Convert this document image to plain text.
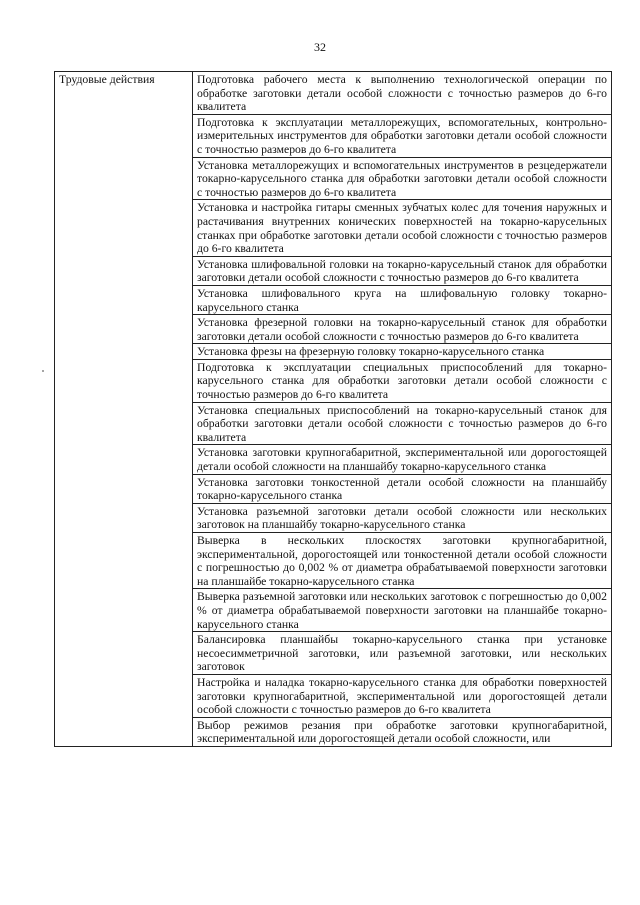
32
Трудовые действия	Подготовка рабочего места к выполнению технологической операции по обработке заготовки детали особой сложности с точностью размеров до 6-го квалитета
Подготовка к эксплуатации металлорежущих, вспомогательных, контрольно-измерительных инструментов для обработки заготовки детали особой сложности с точностью размеров до 6-го квалитета
Установка металлорежущих и вспомогательных инструментов в резцедержатели токарно-карусельного станка для обработки заготовки детали особой сложности с точностью размеров до 6-го квалитета
Установка и настройка гитары сменных зубчатых колес для точения наружных и растачивания внутренних конических поверхностей на токарно-карусельных станках при обработке заготовки детали особой сложности с точностью размеров до 6-го квалитета
Установка шлифовальной головки на токарно-карусельный станок для обработки заготовки детали особой сложности с точностью размеров до 6-го квалитета
Установка шлифовального круга на шлифовальную головку токарно-карусельного станка
Установка фрезерной головки на токарно-карусельный станок для обработки заготовки детали особой сложности с точностью размеров до 6-го квалитета
Установка фрезы на фрезерную головку токарно-карусельного станка
Подготовка к эксплуатации специальных приспособлений для токарно-карусельного станка для обработки заготовки детали особой сложности с точностью размеров до 6-го квалитета
Установка специальных приспособлений на токарно-карусельный станок для обработки заготовки детали особой сложности с точностью размеров до 6-го квалитета
Установка заготовки крупногабаритной, экспериментальной или дорогостоящей детали особой сложности на планшайбу токарно-карусельного станка
Установка заготовки тонкостенной детали особой сложности на планшайбу токарно-карусельного станка
Установка разъемной заготовки детали особой сложности или нескольких заготовок на планшайбу токарно-карусельного станка
Выверка в нескольких плоскостях заготовки крупногабаритной, экспериментальной, дорогостоящей или тонкостенной детали особой сложности с погрешностью до 0,002 % от диаметра обрабатываемой поверхности заготовки на планшайбе токарно-карусельного станка
Выверка разъемной заготовки или нескольких заготовок с погрешностью до 0,002 % от диаметра обрабатываемой поверхности заготовки на планшайбе токарно-карусельного станка
Балансировка планшайбы токарно-карусельного станка при установке несоесимметричной заготовки, или разъемной заготовки, или нескольких заготовок
Настройка и наладка токарно-карусельного станка для обработки поверхностей заготовки крупногабаритной, экспериментальной или дорогостоящей детали особой сложности с точностью размеров до 6-го квалитета
Выбор режимов резания при обработке заготовки крупногабаритной, экспериментальной или дорогостоящей детали особой сложности, или
